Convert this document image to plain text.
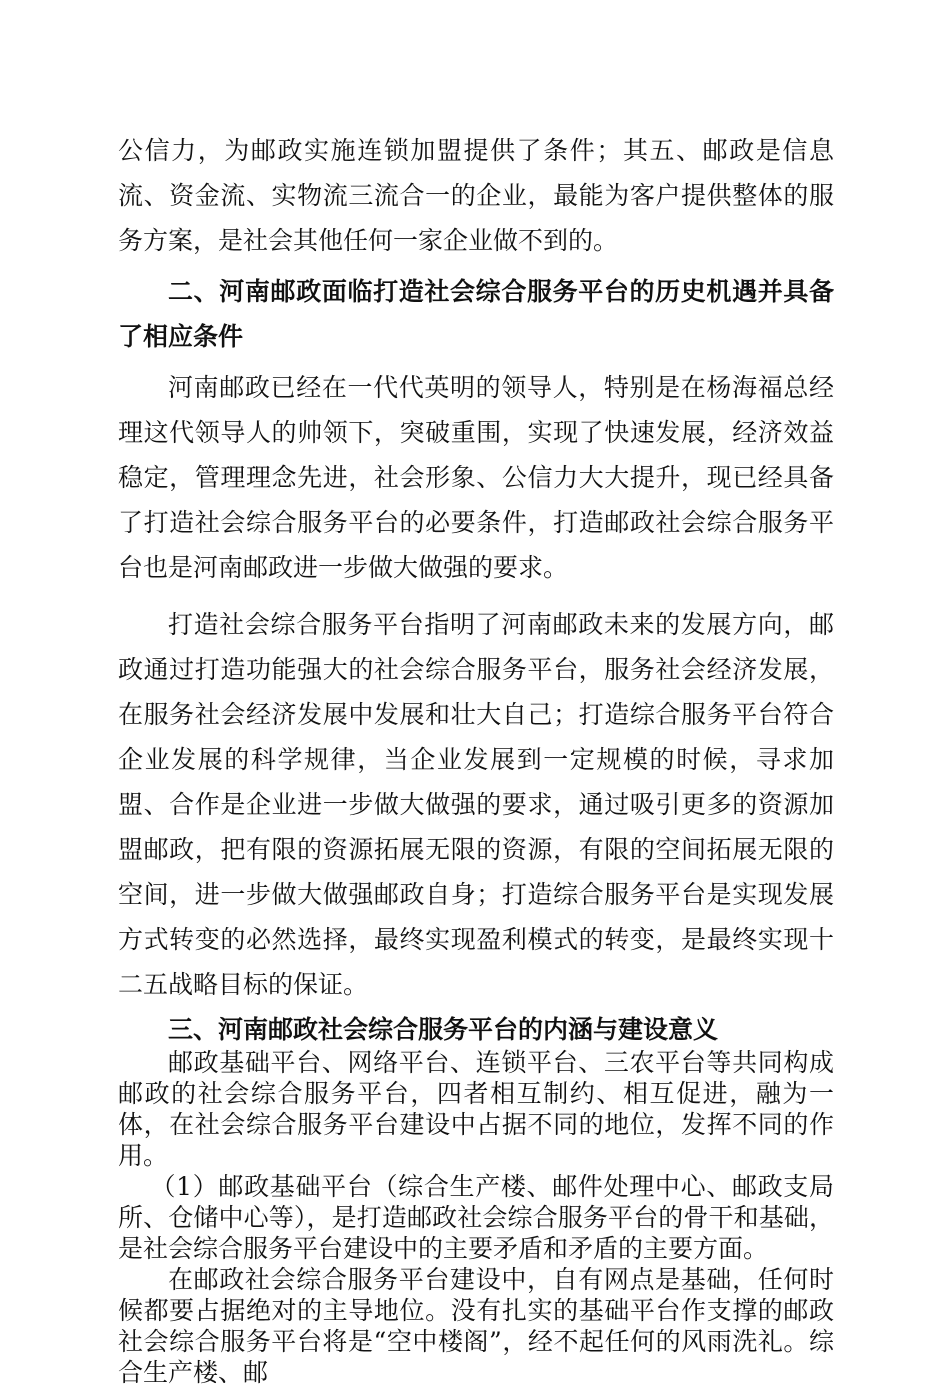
公信力，为邮政实施连锁加盟提供了条件；其五、邮政是信息流、资金流、实物流三流合一的企业，最能为客户提供整体的服务方案，是社会其他任何一家企业做不到的。

二、河南邮政面临打造社会综合服务平台的历史机遇并具备了相应条件

河南邮政已经在一代代英明的领导人，特别是在杨海福总经理这代领导人的帅领下，突破重围，实现了快速发展，经济效益稳定，管理理念先进，社会形象、公信力大大提升，现已经具备了打造社会综合服务平台的必要条件，打造邮政社会综合服务平台也是河南邮政进一步做大做强的要求。

打造社会综合服务平台指明了河南邮政未来的发展方向，邮政通过打造功能强大的社会综合服务平台，服务社会经济发展，在服务社会经济发展中发展和壮大自己；打造综合服务平台符合企业发展的科学规律，当企业发展到一定规模的时候，寻求加盟、合作是企业进一步做大做强的要求，通过吸引更多的资源加盟邮政，把有限的资源拓展无限的资源，有限的空间拓展无限的空间，进一步做大做强邮政自身；打造综合服务平台是实现发展方式转变的必然选择，最终实现盈利模式的转变，是最终实现十二五战略目标的保证。

三、河南邮政社会综合服务平台的内涵与建设意义

邮政基础平台、网络平台、连锁平台、三农平台等共同构成邮政的社会综合服务平台，四者相互制约、相互促进，融为一体，在社会综合服务平台建设中占据不同的地位，发挥不同的作用。

（1）邮政基础平台（综合生产楼、邮件处理中心、邮政支局所、仓储中心等），是打造邮政社会综合服务平台的骨干和基础，是社会综合服务平台建设中的主要矛盾和矛盾的主要方面。

在邮政社会综合服务平台建设中，自有网点是基础，任何时候都要占据绝对的主导地位。没有扎实的基础平台作支撑的邮政社会综合服务平台将是“空中楼阁”，经不起任何的风雨洗礼。综合生产楼、邮
